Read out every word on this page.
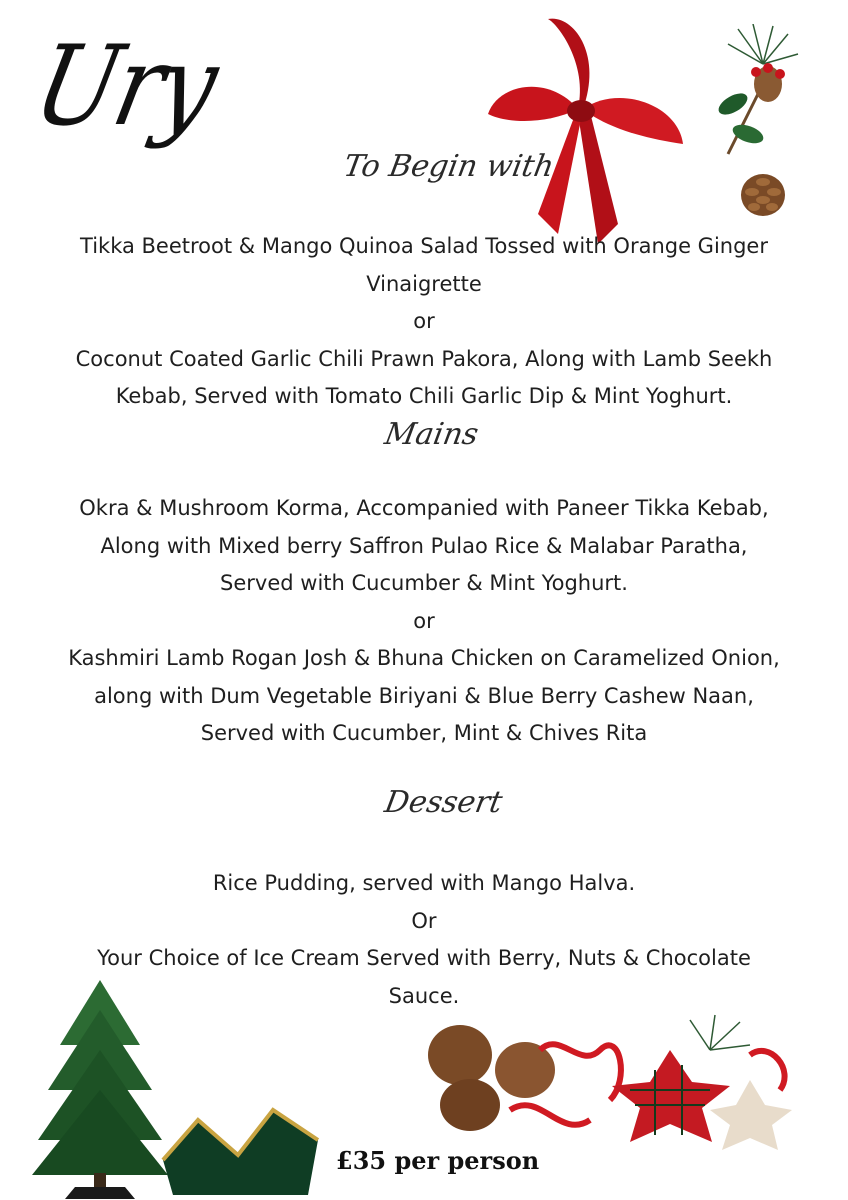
Ury
To Begin with

Tikka Beetroot & Mango Quinoa Salad Tossed with Orange Ginger

Vinaigrette

or

Coconut Coated Garlic Chili Prawn Pakora, Along with Lamb Seekh

Kebab, Served with Tomato Chili Garlic Dip & Mint Yoghurt.

Mains

Okra & Mushroom Korma, Accompanied with Paneer Tikka Kebab,

Along with Mixed berry Saffron Pulao Rice & Malabar Paratha,

Served with Cucumber & Mint Yoghurt.

or

Kashmiri Lamb Rogan Josh & Bhuna Chicken on Caramelized Onion,

along with Dum Vegetable Biriyani & Blue Berry Cashew Naan,

Served with Cucumber, Mint & Chives Rita

Dessert

Rice Pudding, served with Mango Halva.

Or

Your Choice of Ice Cream Served with Berry, Nuts & Chocolate

Sauce.

£35 per person
